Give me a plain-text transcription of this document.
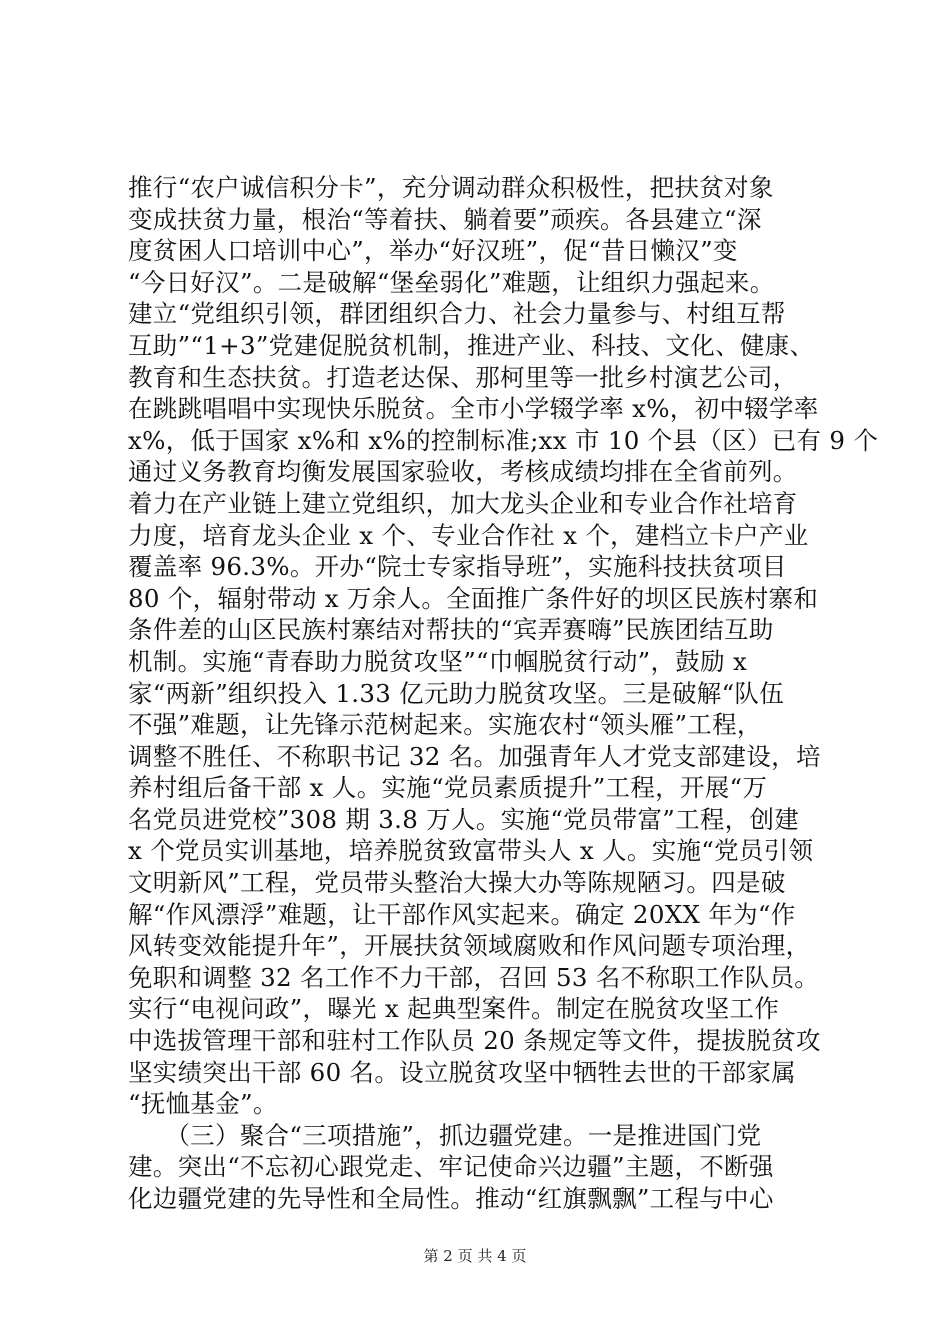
推行“农户诚信积分卡”，充分调动群众积极性，把扶贫对象
变成扶贫力量，根治“等着扶、躺着要”顽疾。各县建立“深
度贫困人口培训中心”，举办“好汉班”，促“昔日懒汉”变
“今日好汉”。二是破解“堡垒弱化”难题，让组织力强起来。
建立“党组织引领，群团组织合力、社会力量参与、村组互帮
互助”“1+3”党建促脱贫机制，推进产业、科技、文化、健康、
教育和生态扶贫。打造老达保、那柯里等一批乡村演艺公司，
在跳跳唱唱中实现快乐脱贫。全市小学辍学率 x%，初中辍学率
x%，低于国家 x%和 x%的控制标准;xx 市 10 个县（区）已有 9 个
通过义务教育均衡发展国家验收，考核成绩均排在全省前列。
着力在产业链上建立党组织，加大龙头企业和专业合作社培育
力度，培育龙头企业 x 个、专业合作社 x 个，建档立卡户产业
覆盖率 96.3%。开办“院士专家指导班”，实施科技扶贫项目
80 个，辐射带动 x 万余人。全面推广条件好的坝区民族村寨和
条件差的山区民族村寨结对帮扶的“宾弄赛嗨”民族团结互助
机制。实施“青春助力脱贫攻坚”“巾帼脱贫行动”，鼓励 x
家“两新”组织投入 1.33 亿元助力脱贫攻坚。三是破解“队伍
不强”难题，让先锋示范树起来。实施农村“领头雁”工程，
调整不胜任、不称职书记 32 名。加强青年人才党支部建设，培
养村组后备干部 x 人。实施“党员素质提升”工程，开展“万
名党员进党校”308 期 3.8 万人。实施“党员带富”工程，创建
x 个党员实训基地，培养脱贫致富带头人 x 人。实施“党员引领
文明新风”工程，党员带头整治大操大办等陈规陋习。四是破
解“作风漂浮”难题，让干部作风实起来。确定 20XX 年为“作
风转变效能提升年”，开展扶贫领域腐败和作风问题专项治理，
免职和调整 32 名工作不力干部，召回 53 名不称职工作队员。
实行“电视问政”，曝光 x 起典型案件。制定在脱贫攻坚工作
中选拔管理干部和驻村工作队员 20 条规定等文件，提拔脱贫攻
坚实绩突出干部 60 名。设立脱贫攻坚中牺牲去世的干部家属
“抚恤基金”。
　　（三）聚合“三项措施”，抓边疆党建。一是推进国门党
建。突出“不忘初心跟党走、牢记使命兴边疆”主题，不断强
化边疆党建的先导性和全局性。推动“红旗飘飘”工程与中心
第 2 页 共 4 页
